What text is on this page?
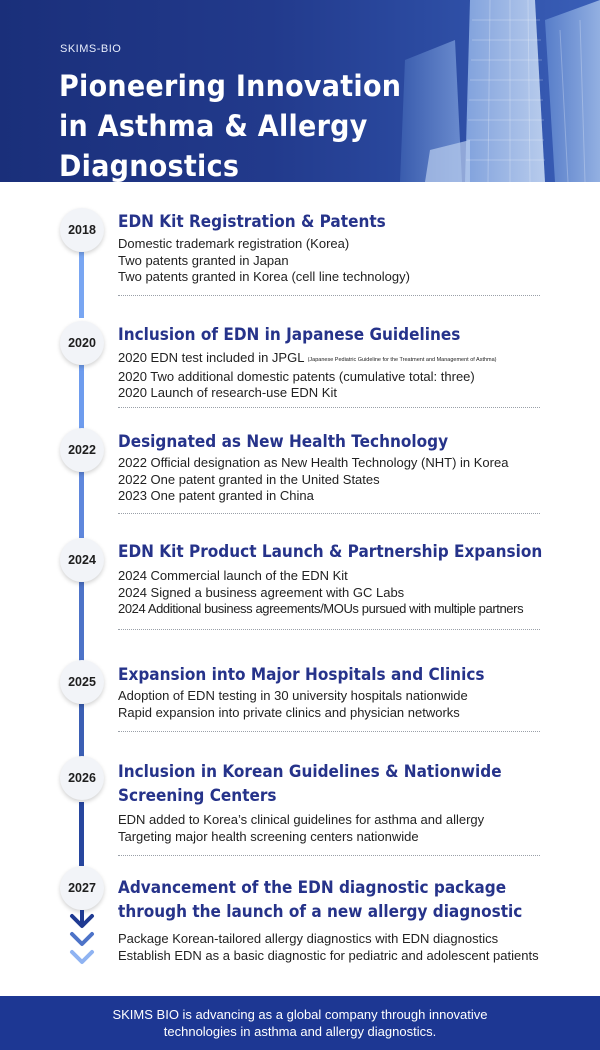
SKIMS-BIO
Pioneering Innovation
in Asthma & Allergy Diagnostics
2018	EDN Kit Registration & Patents
Domestic trademark registration (Korea)
Two patents granted in Japan
Two patents granted in Korea (cell line technology)
2020	Inclusion of EDN in Japanese Guidelines
2020 EDN test included in JPGL (Japanese Pediatric Guideline for the Treatment and Management of Asthma)
2020 Two additional domestic patents (cumulative total: three)
2020 Launch of research-use EDN Kit
2022	Designated as New Health Technology
2022 Official designation as New Health Technology (NHT) in Korea
2022 One patent granted in the United States
2023 One patent granted in China
2024	EDN Kit Product Launch & Partnership Expansion
2024 Commercial launch of the EDN Kit
2024 Signed a business agreement with GC Labs
2024 Additional business agreements/MOUs pursued with multiple partners
2025	Expansion into Major Hospitals and Clinics
Adoption of EDN testing in 30 university hospitals nationwide
Rapid expansion into private clinics and physician networks
2026	Inclusion in Korean Guidelines & Nationwide Screening Centers
EDN added to Korea’s clinical guidelines for asthma and allergy
Targeting major health screening centers nationwide
2027	Advancement of the EDN diagnostic package through the launch of a new allergy diagnostic
Package Korean-tailored allergy diagnostics with EDN diagnostics
Establish EDN as a basic diagnostic for pediatric and adolescent patients
SKIMS BIO is advancing as a global company through innovative
technologies in asthma and allergy diagnostics.
